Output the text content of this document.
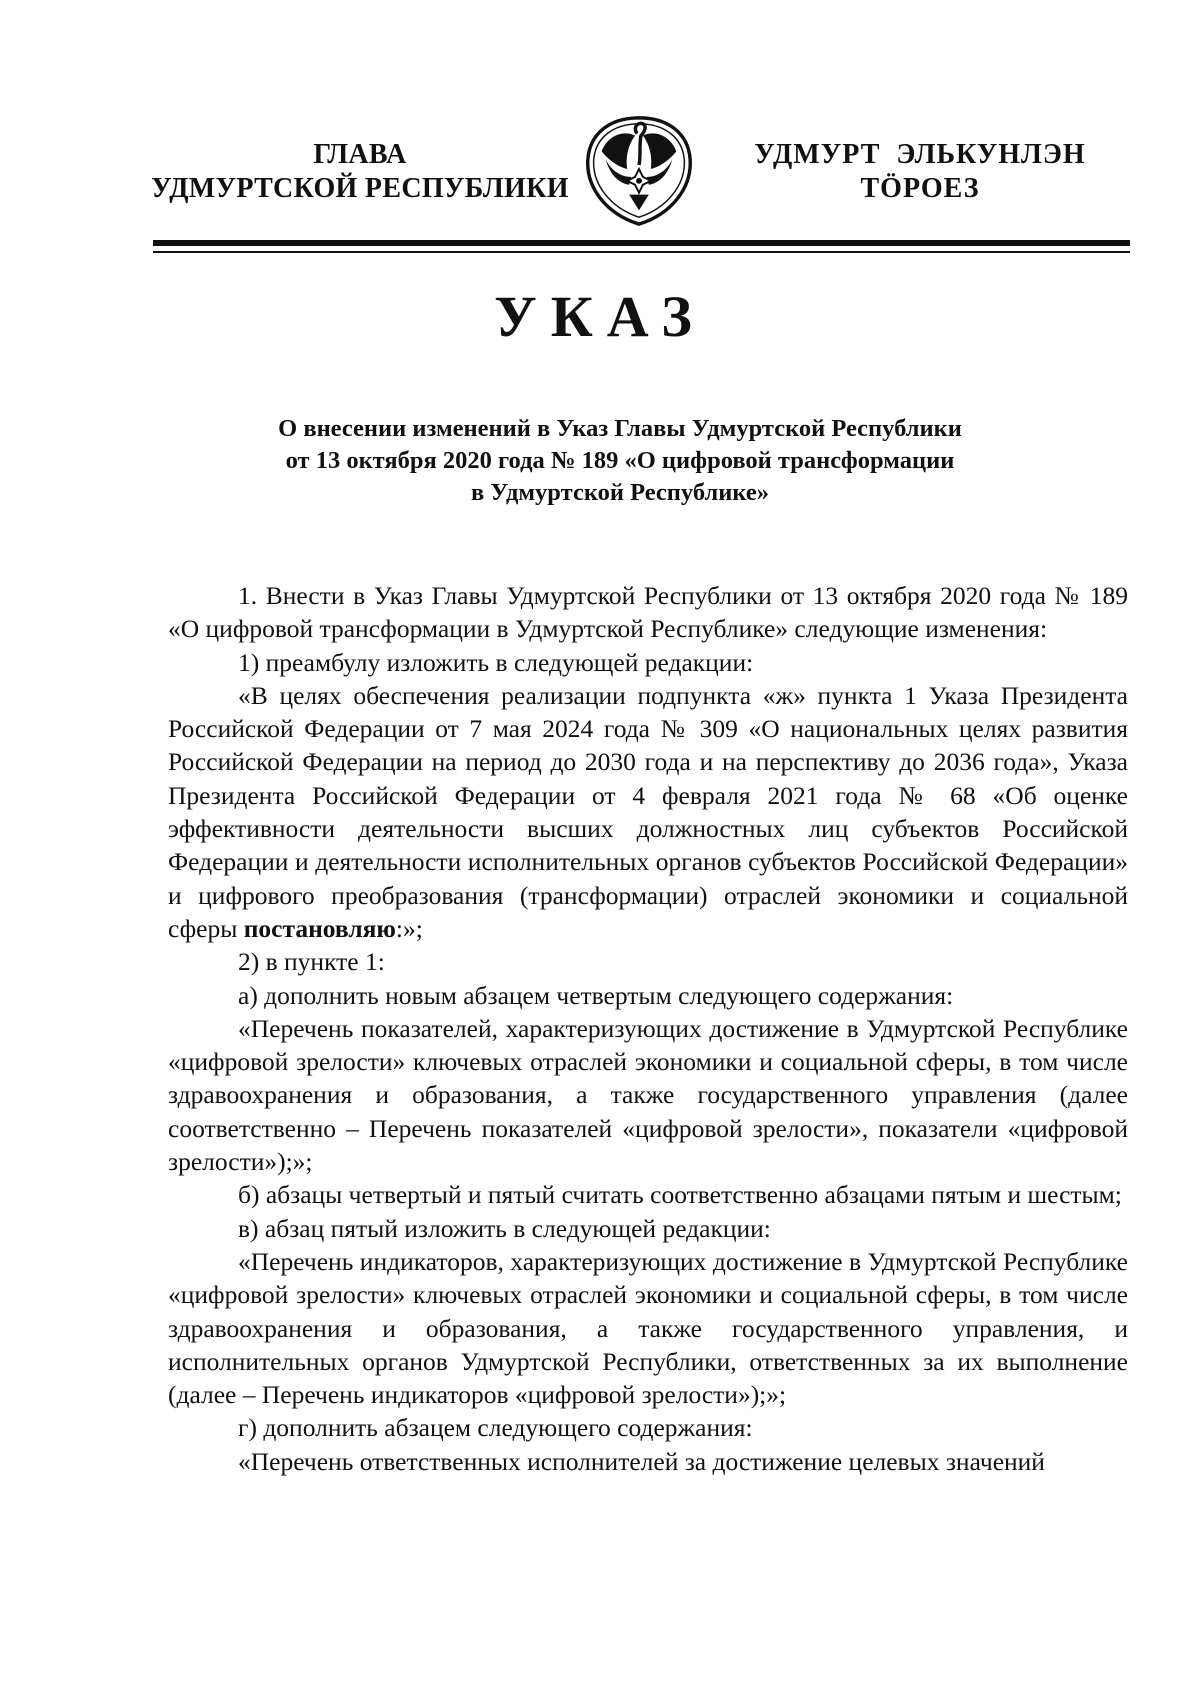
ГЛАВА
УДМУРТСКОЙ РЕСПУБЛИКИ
УДМУРТ  ЭЛЬКУНЛЭН
ТӦРОЕЗ
УКАЗ
О внесении изменений в Указ Главы Удмуртской Республики
от 13 октября 2020 года № 189 «О цифровой трансформации
в Удмуртской Республике»

1. Внести в Указ Главы Удмуртской Республики от 13 октября 2020 года № 189 «О цифровой трансформации в Удмуртской Республике» следующие изменения:

1) преамбулу изложить в следующей редакции:

«В целях обеспечения реализации подпункта «ж» пункта 1 Указа Президента Российской Федерации от 7 мая 2024 года № 309 «О национальных целях развития Российской Федерации на период до 2030 года и на перспективу до 2036 года», Указа Президента Российской Федерации от 4 февраля 2021 года № 68 «Об оценке эффективности деятельности высших должностных лиц субъектов Российской Федерации и деятельности исполнительных органов субъектов Российской Федерации» и цифрового преобразования (трансформации) отраслей экономики и социальной сферы постановляю:»;

2) в пункте 1:

а) дополнить новым абзацем четвертым следующего содержания:

«Перечень показателей, характеризующих достижение в Удмуртской Республике «цифровой зрелости» ключевых отраслей экономики и социальной сферы, в том числе здравоохранения и образования, а также государственного управления (далее соответственно – Перечень показателей «цифровой зрелости», показатели «цифровой зрелости»);»;

б) абзацы четвертый и пятый считать соответственно абзацами пятым и шестым;

в) абзац пятый изложить в следующей редакции:

«Перечень индикаторов, характеризующих достижение в Удмуртской Республике «цифровой зрелости» ключевых отраслей экономики и социальной сферы, в том числе здравоохранения и образования, а также государственного управления, и исполнительных органов Удмуртской Республики, ответственных за их выполнение (далее – Перечень индикаторов «цифровой зрелости»);»;

г) дополнить абзацем следующего содержания:

«Перечень ответственных исполнителей за достижение целевых значений
